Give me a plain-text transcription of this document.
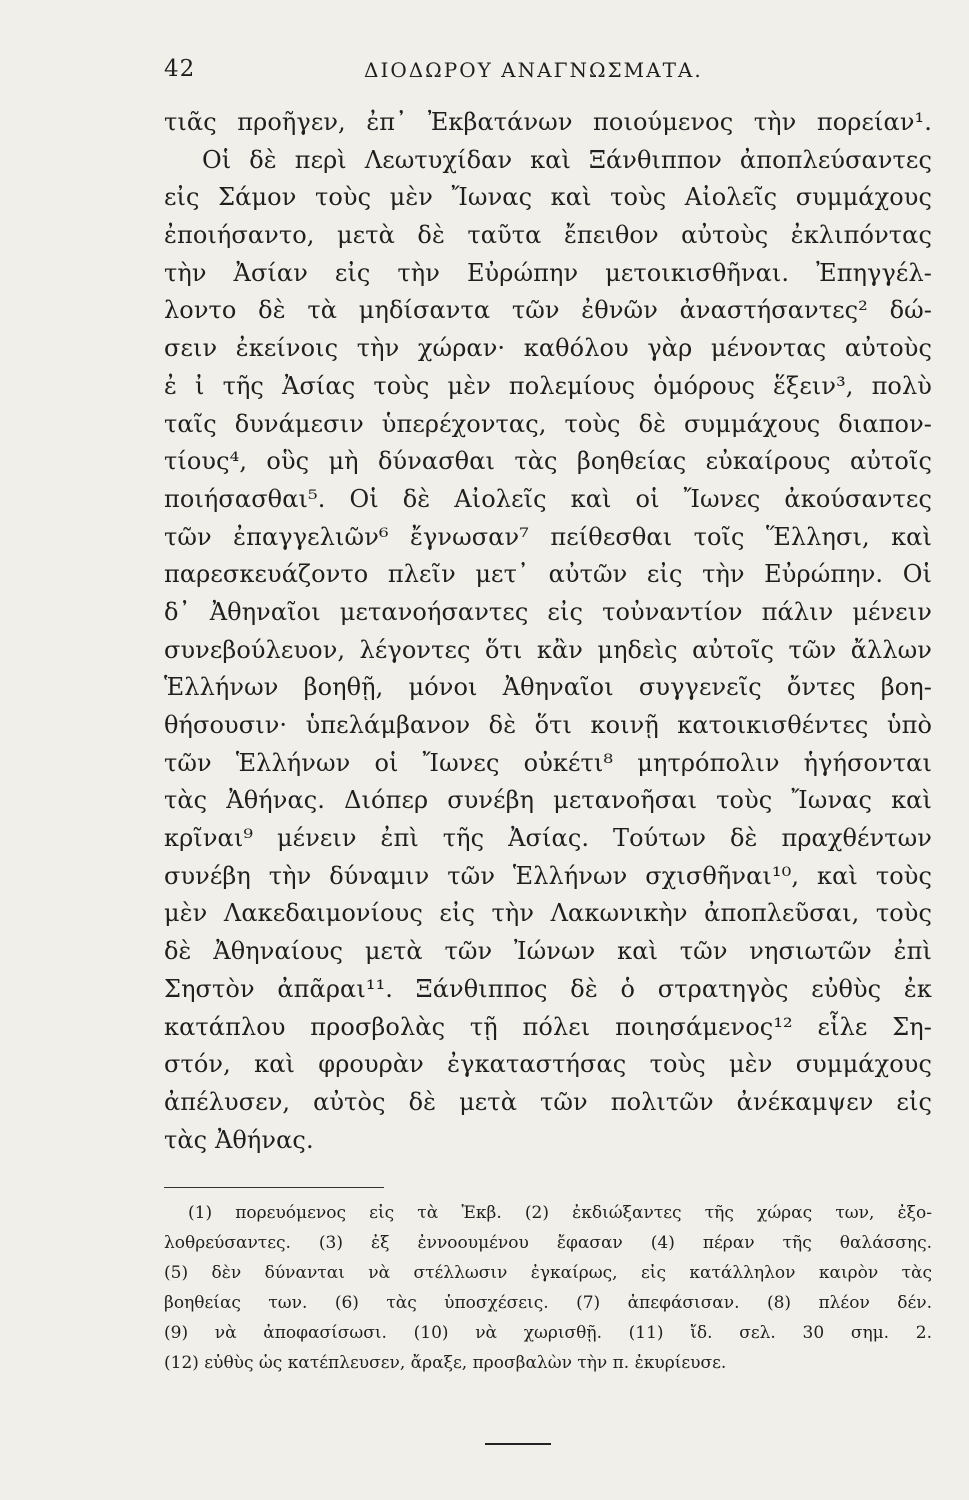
42	ΔΙΟΔΩΡΟΥ ΑΝΑΓΝΩΣΜΑΤΑ.
τιᾶς προῆγεν, ἐπ᾽ Ἐκβατάνων ποιούμενος τὴν πορείαν¹.
Οἱ δὲ περὶ Λεωτυχίδαν καὶ Ξάνθιππον ἀποπλεύσαντες
εἰς Σάμον τοὺς μὲν Ἴωνας καὶ τοὺς Αἰολεῖς συμμάχους
ἐποιήσαντο, μετὰ δὲ ταῦτα ἔπειθον αὐτοὺς ἐκλιπόντας
τὴν Ἀσίαν εἰς τὴν Εὐρώπην μετοικισθῆναι. Ἐπηγγέλ-
λοντο δὲ τὰ μηδίσαντα τῶν ἐθνῶν ἀναστήσαντες² δώ-
σειν ἐκείνοις τὴν χώραν· καθόλου γὰρ μένοντας αὐτοὺς
ἐ ἰ τῆς Ἀσίας τοὺς μὲν πολεμίους ὁμόρους ἕξειν³, πολὺ
ταῖς δυνάμεσιν ὑπερέχοντας, τοὺς δὲ συμμάχους διαπον-
τίους⁴, οὓς μὴ δύνασθαι τὰς βοηθείας εὐκαίρους αὐτοῖς
ποιήσασθαι⁵. Οἱ δὲ Αἰολεῖς καὶ οἱ Ἴωνες ἀκούσαντες
τῶν ἐπαγγελιῶν⁶ ἔγνωσαν⁷ πείθεσθαι τοῖς Ἕλλησι, καὶ
παρεσκευάζοντο πλεῖν μετ᾽ αὐτῶν εἰς τὴν Εὐρώπην. Οἱ
δ᾽ Ἀθηναῖοι μετανοήσαντες εἰς τοὐναντίον πάλιν μένειν
συνεβούλευον, λέγοντες ὅτι κἂν μηδεὶς αὐτοῖς τῶν ἄλλων
Ἑλλήνων βοηθῇ, μόνοι Ἀθηναῖοι συγγενεῖς ὄντες βοη-
θήσουσιν· ὑπελάμβανον δὲ ὅτι κοινῇ κατοικισθέντες ὑπὸ
τῶν Ἑλλήνων οἱ Ἴωνες οὐκέτι⁸ μητρόπολιν ἡγήσονται
τὰς Ἀθήνας. Διόπερ συνέβη μετανοῆσαι τοὺς Ἴωνας καὶ
κρῖναι⁹ μένειν ἐπὶ τῆς Ἀσίας. Τούτων δὲ πραχθέντων
συνέβη τὴν δύναμιν τῶν Ἑλλήνων σχισθῆναι¹⁰, καὶ τοὺς
μὲν Λακεδαιμονίους εἰς τὴν Λακωνικὴν ἀποπλεῦσαι, τοὺς
δὲ Ἀθηναίους μετὰ τῶν Ἰώνων καὶ τῶν νησιωτῶν ἐπὶ
Σηστὸν ἀπᾶραι¹¹. Ξάνθιππος δὲ ὁ στρατηγὸς εὐθὺς ἐκ
κατάπλου προσβολὰς τῇ πόλει ποιησάμενος¹² εἷλε Ση-
στόν, καὶ φρουρὰν ἐγκαταστήσας τοὺς μὲν συμμάχους
ἀπέλυσεν, αὐτὸς δὲ μετὰ τῶν πολιτῶν ἀνέκαμψεν εἰς
τὰς Ἀθήνας.
(1) πορευόμενος εἰς τὰ Ἐκβ. (2) ἐκδιώξαντες τῆς χώρας των, ἐξο-
λοθρεύσαντες. (3) ἐξ ἐννοουμένου ἔφασαν (4) πέραν τῆς θαλάσσης.
(5) δὲν δύνανται νὰ στέλλωσιν ἐγκαίρως, εἰς κατάλληλον καιρὸν τὰς
βοηθείας των. (6) τὰς ὑποσχέσεις. (7) ἀπεφάσισαν. (8) πλέον δέν.
(9) νὰ ἀποφασίσωσι. (10) νὰ χωρισθῇ. (11) ἴδ. σελ. 30 σημ. 2.
(12) εὐθὺς ὡς κατέπλευσεν, ἄραξε, προσβαλὼν τὴν π. ἐκυρίευσε.
